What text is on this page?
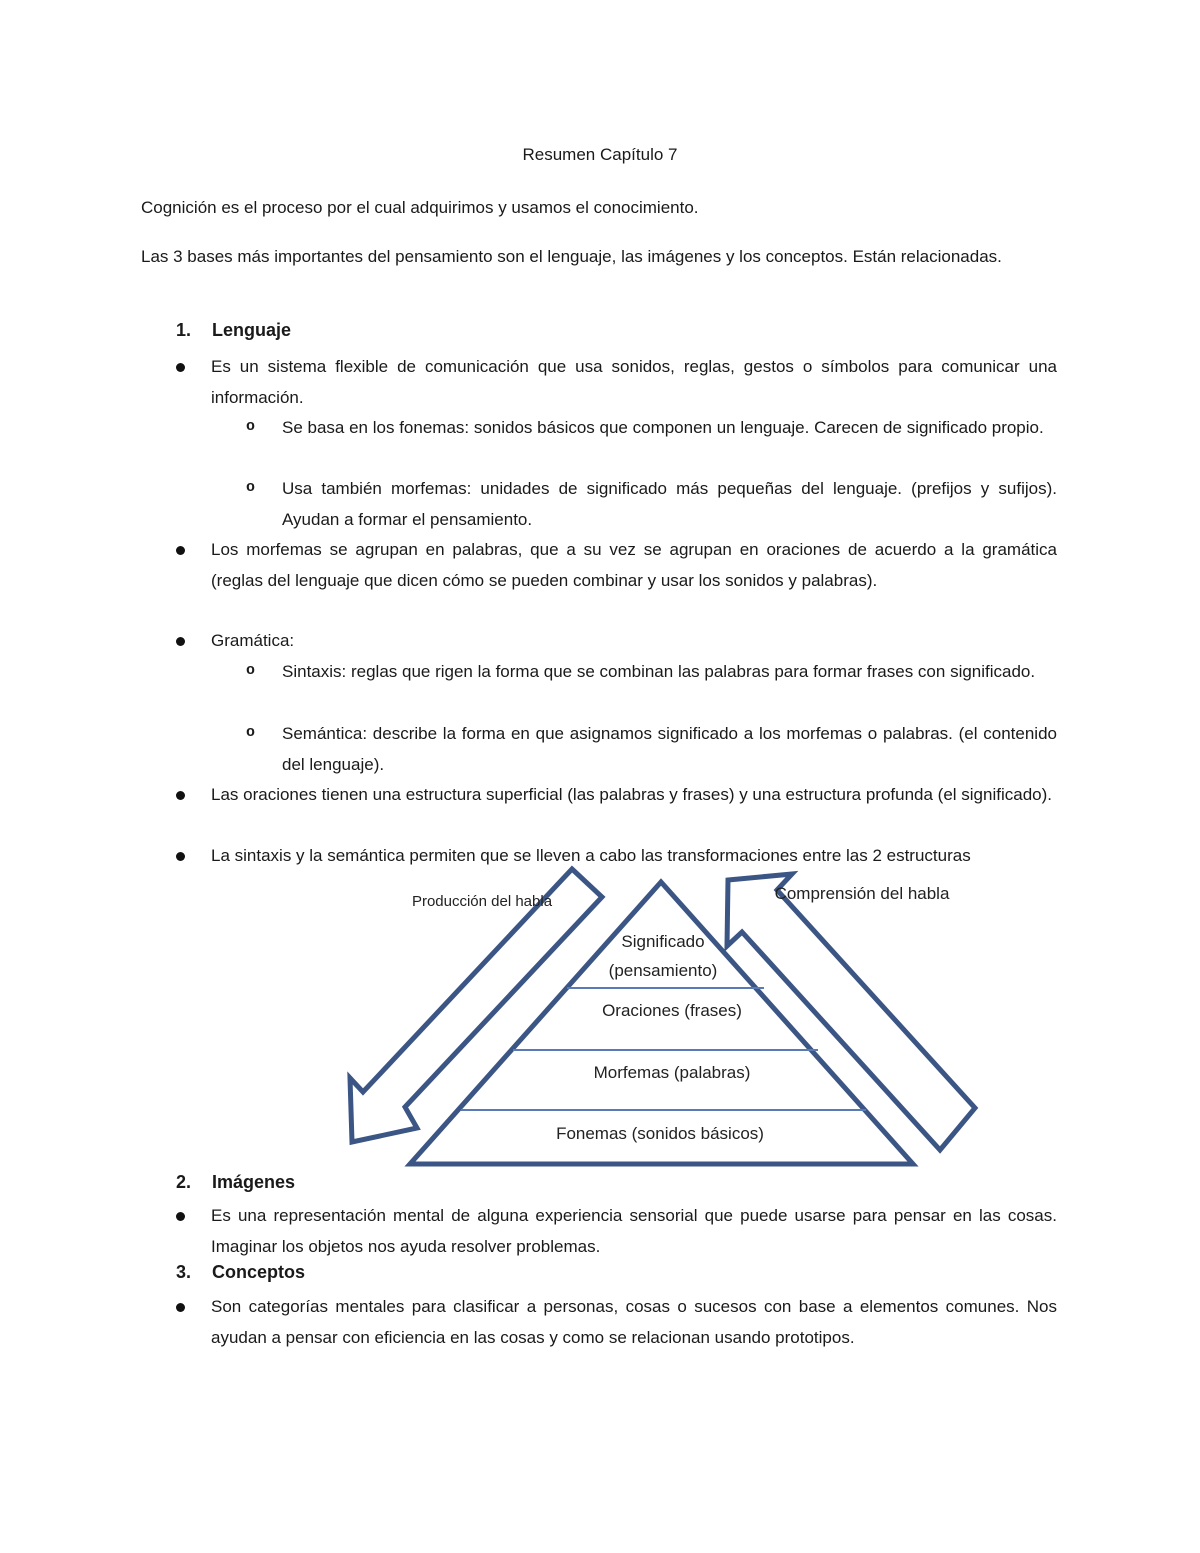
Resumen Capítulo 7
Cognición es el proceso por el cual adquirimos y usamos el conocimiento.
Las 3 bases más importantes del pensamiento son el lenguaje, las imágenes y los conceptos. Están relacionadas.
1. Lenguaje
Es un sistema flexible de comunicación que usa sonidos, reglas, gestos o símbolos para comunicar una información.
o Se basa en los fonemas: sonidos básicos que componen un lenguaje. Carecen de significado propio.
o Usa también morfemas: unidades de significado más pequeñas del lenguaje. (prefijos y sufijos). Ayudan a formar el pensamiento.
Los morfemas se agrupan en palabras, que a su vez se agrupan en oraciones de acuerdo a la gramática (reglas del lenguaje que dicen cómo se pueden combinar y usar los sonidos y palabras).
Gramática:
o Sintaxis: reglas que rigen la forma que se combinan las palabras para formar frases con significado.
o Semántica: describe la forma en que asignamos significado a los morfemas o palabras. (el contenido del lenguaje).
Las oraciones tienen una estructura superficial (las palabras y frases) y una estructura profunda (el significado).
La sintaxis y la semántica permiten que se lleven a cabo las transformaciones entre las 2 estructuras
Producción del habla	Comprensión del habla
Significado
(pensamiento)
Oraciones (frases)
Morfemas (palabras)
Fonemas (sonidos básicos)
2. Imágenes
Es una representación mental de alguna experiencia sensorial que puede usarse para pensar en las cosas. Imaginar los objetos nos ayuda resolver problemas.
3. Conceptos
Son categorías mentales para clasificar a personas, cosas o sucesos con base a elementos comunes. Nos ayudan a pensar con eficiencia en las cosas y como se relacionan usando prototipos.
